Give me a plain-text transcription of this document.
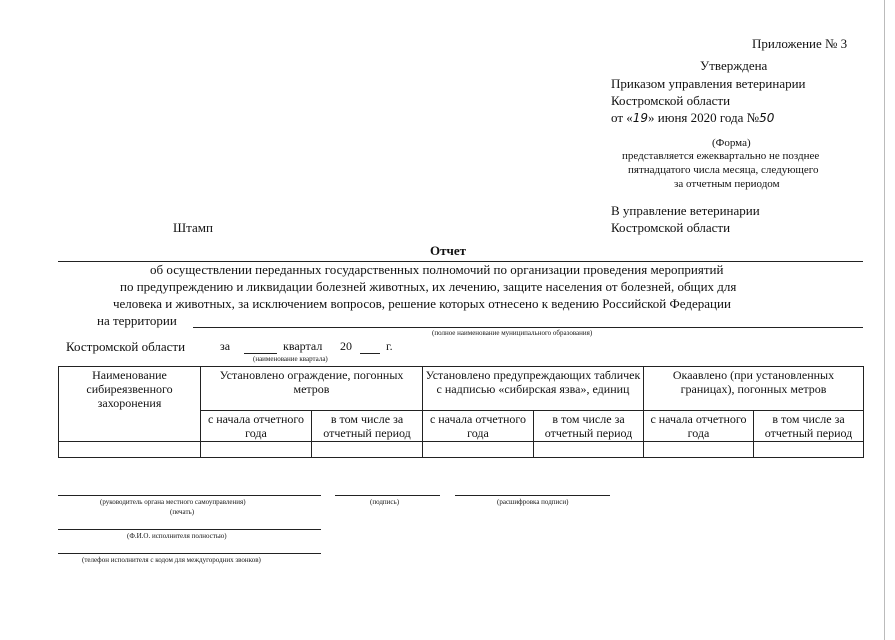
Приложение № 3
Утверждена
Приказом управления ветеринарии
Костромской области
от «19» июня 2020 года №50
(Форма)
представляется ежеквартально не позднее
пятнадцатого числа месяца, следующего
за отчетным периодом
Штамп
В управление ветеринарии
Костромской области
Отчет
об осуществлении переданных государственных полномочий по организации проведения мероприятий
по предупреждению и ликвидации болезней животных, их лечению, защите населения от болезней, общих для
человека и животных, за исключением вопросов, решение которых отнесено к ведению Российской Федерации
на территории
(полное наименование муниципального образования)
Костромской области	за	квартал 20	г.
(наименование квартала)
Наименование сибиреязвенного захоронения	Установлено ограждение, погонных метров		Установлено предупреждающих табличек с надписью «сибирская язва», единиц		Окаавлено (при установленных границах), погонных метров	
	с начала отчетного года	в том числе за отчетный период	с начала отчетного года	в том числе за отчетный период	с начала отчетного года	в том числе за отчетный период

(руководитель органа местного самоуправления)	(подпись)	(расшифровка подписи)
(печать)
(Ф.И.О. исполнителя полностью)
(телефон исполнителя с кодом для междугородних звонков)
